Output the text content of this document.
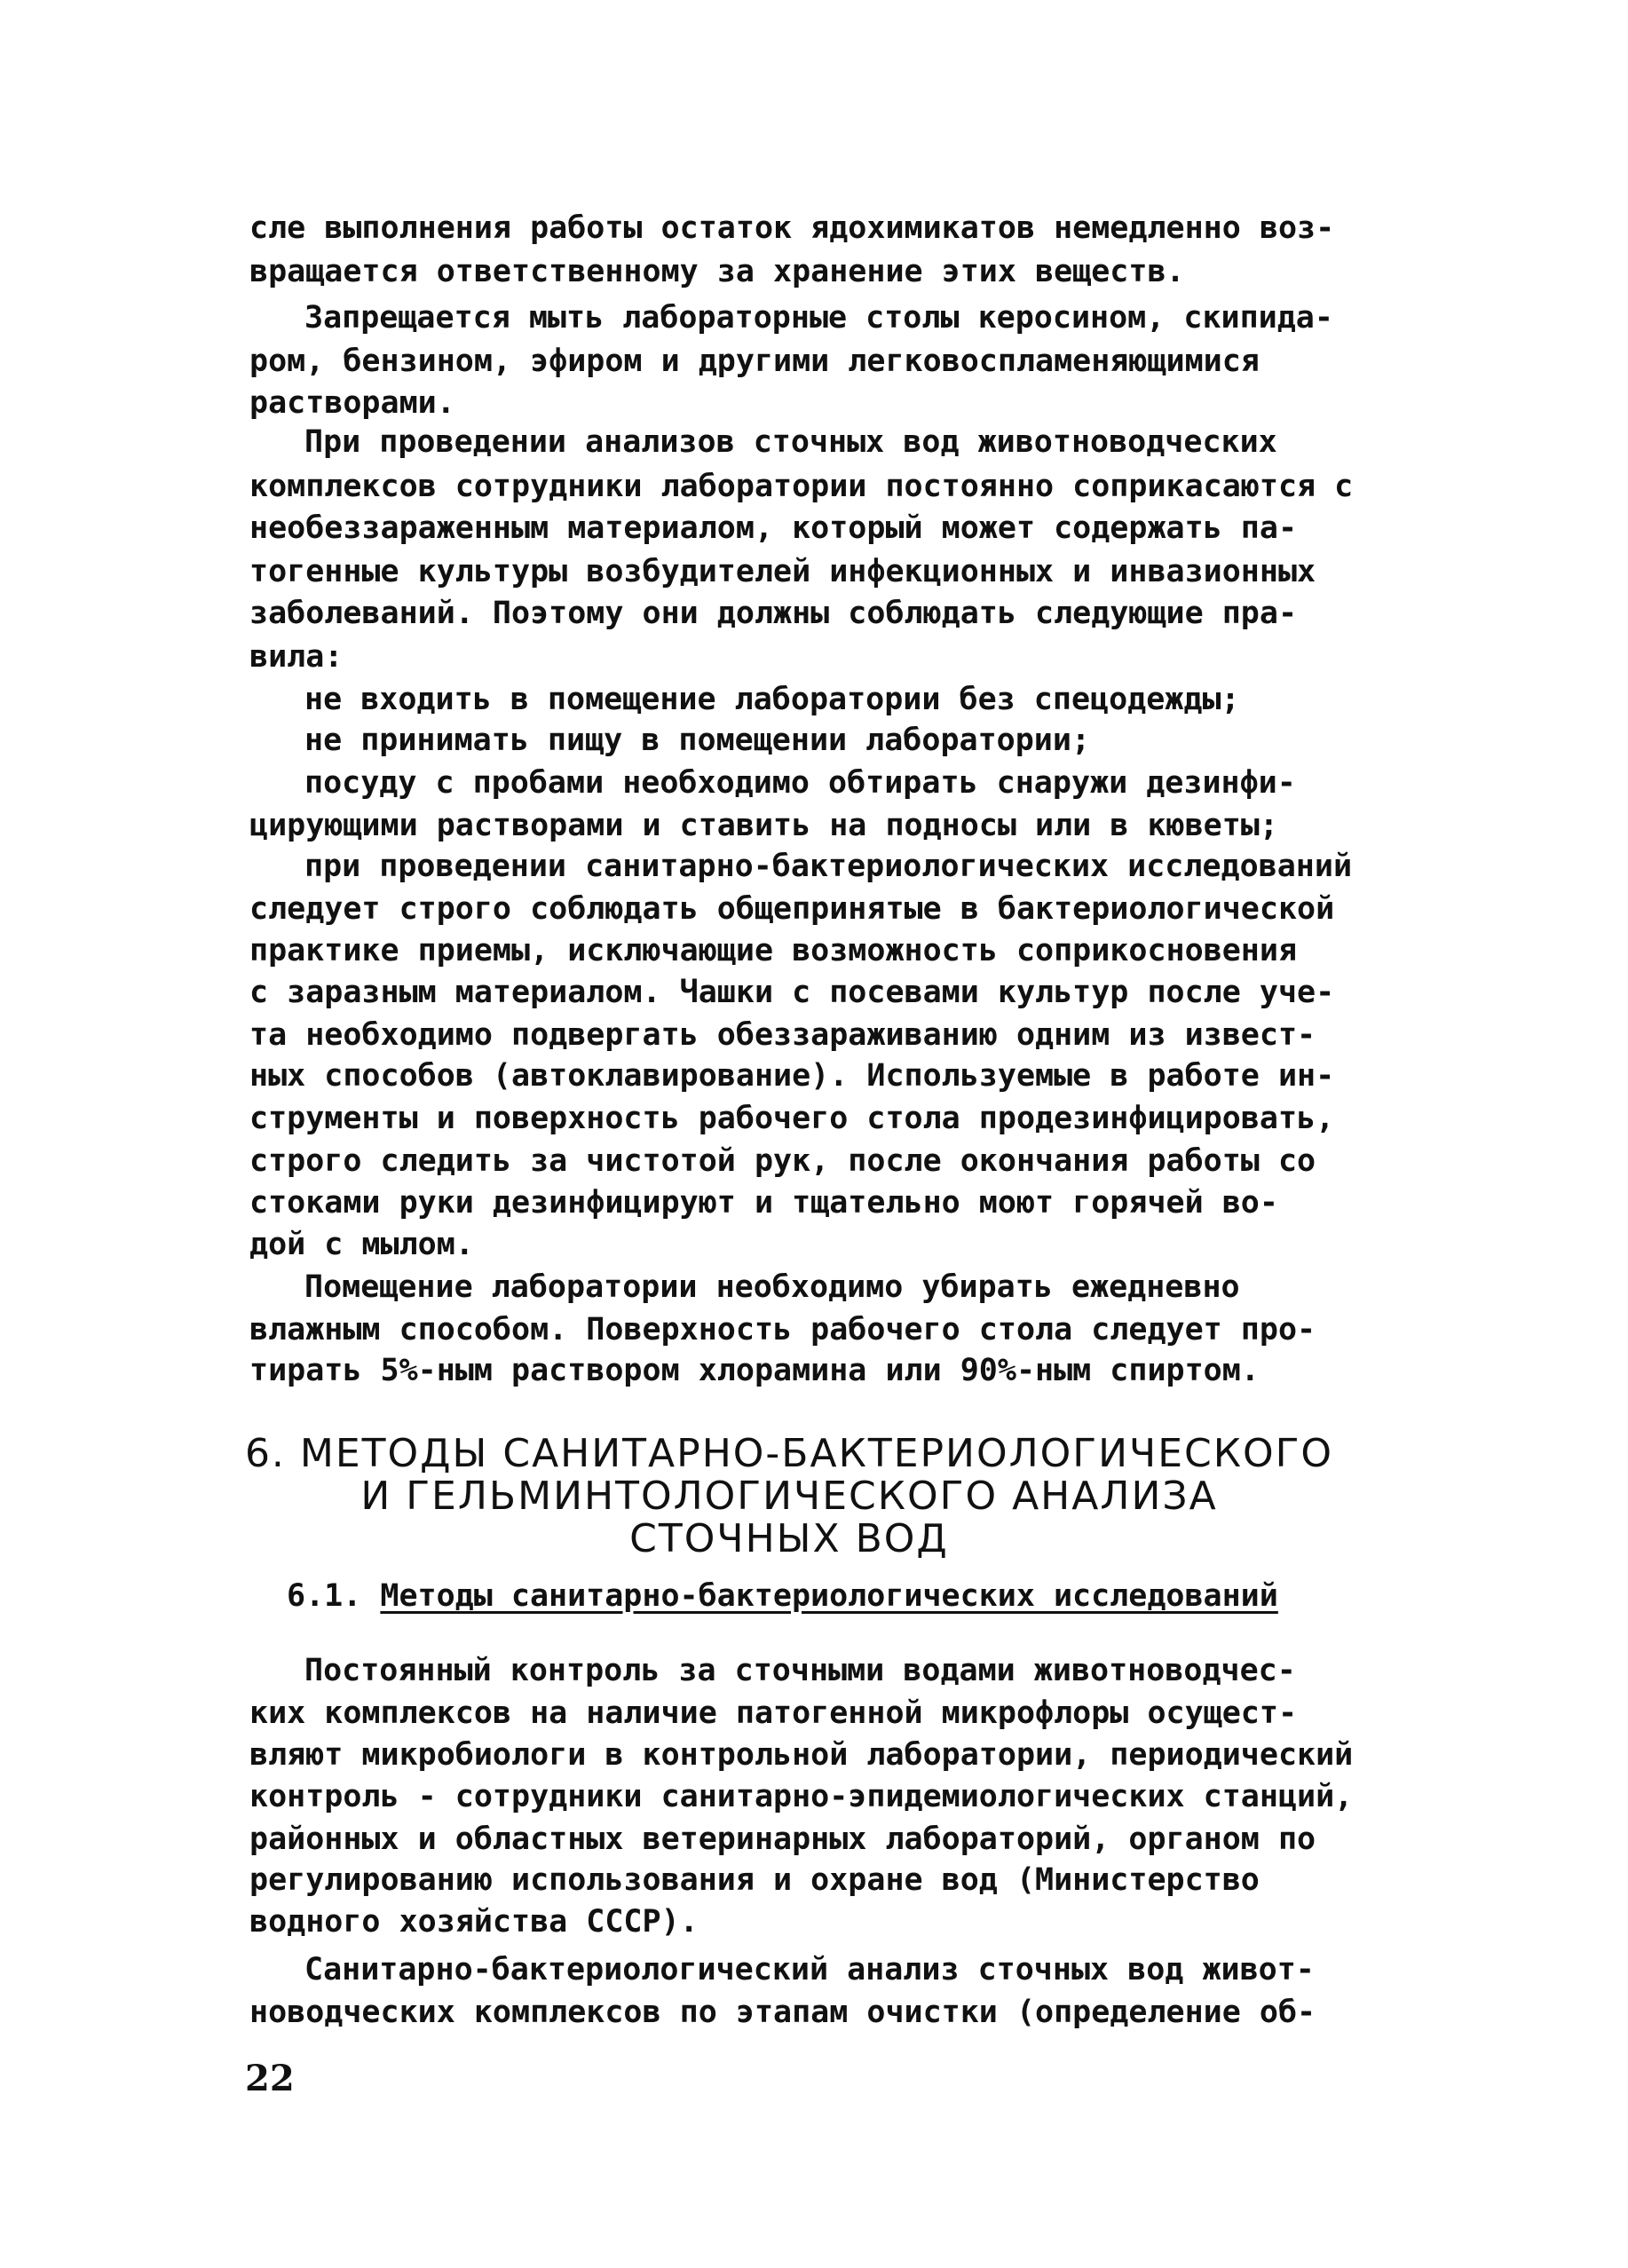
сле выполнения работы остаток ядохимикатов немедленно воз-
вращается ответственному за хранение этих веществ.
Запрещается мыть лабораторные столы керосином, скипида-
ром, бензином, эфиром и другими легковоспламеняющимися
растворами.
При проведении анализов сточных вод животноводческих
комплексов сотрудники лаборатории постоянно соприкасаются с
необеззараженным материалом, который может содержать па-
тогенные культуры возбудителей инфекционных и инвазионных
заболеваний. Поэтому они должны соблюдать следующие пра-
вила:
не входить в помещение лаборатории без спецодежды;
не принимать пищу в помещении лаборатории;
посуду с пробами необходимо обтирать снаружи дезинфи-
цирующими растворами и ставить на подносы или в кюветы;
при проведении санитарно-бактериологических исследований
следует строго соблюдать общепринятые в бактериологической
практике приемы, исключающие возможность соприкосновения
с заразным материалом. Чашки с посевами культур после уче-
та необходимо подвергать обеззараживанию одним из извест-
ных способов (автоклавирование). Используемые в работе ин-
струменты и поверхность рабочего стола продезинфицировать,
строго следить за чистотой рук, после окончания работы со
стоками руки дезинфицируют и тщательно моют горячей во-
дой с мылом.
Помещение лаборатории необходимо убирать ежедневно
влажным способом. Поверхность рабочего стола следует про-
тирать 5%-ным раствором хлорамина или 90%-ным спиртом.
6. МЕТОДЫ САНИТАРНО-БАКТЕРИОЛОГИЧЕСКОГО
И ГЕЛЬМИНТОЛОГИЧЕСКОГО АНАЛИЗА
СТОЧНЫХ ВОД
6.1. Методы санитарно-бактериологических исследований
Постоянный контроль за сточными водами животноводчес-
ких комплексов на наличие патогенной микрофлоры осущест-
вляют микробиологи в контрольной лаборатории, периодический
контроль - сотрудники санитарно-эпидемиологических станций,
районных и областных ветеринарных лабораторий, органом по
регулированию использования и охране вод (Министерство
водного хозяйства СССР).
Санитарно-бактериологический анализ сточных вод живот-
новодческих комплексов по этапам очистки (определение об-
22
